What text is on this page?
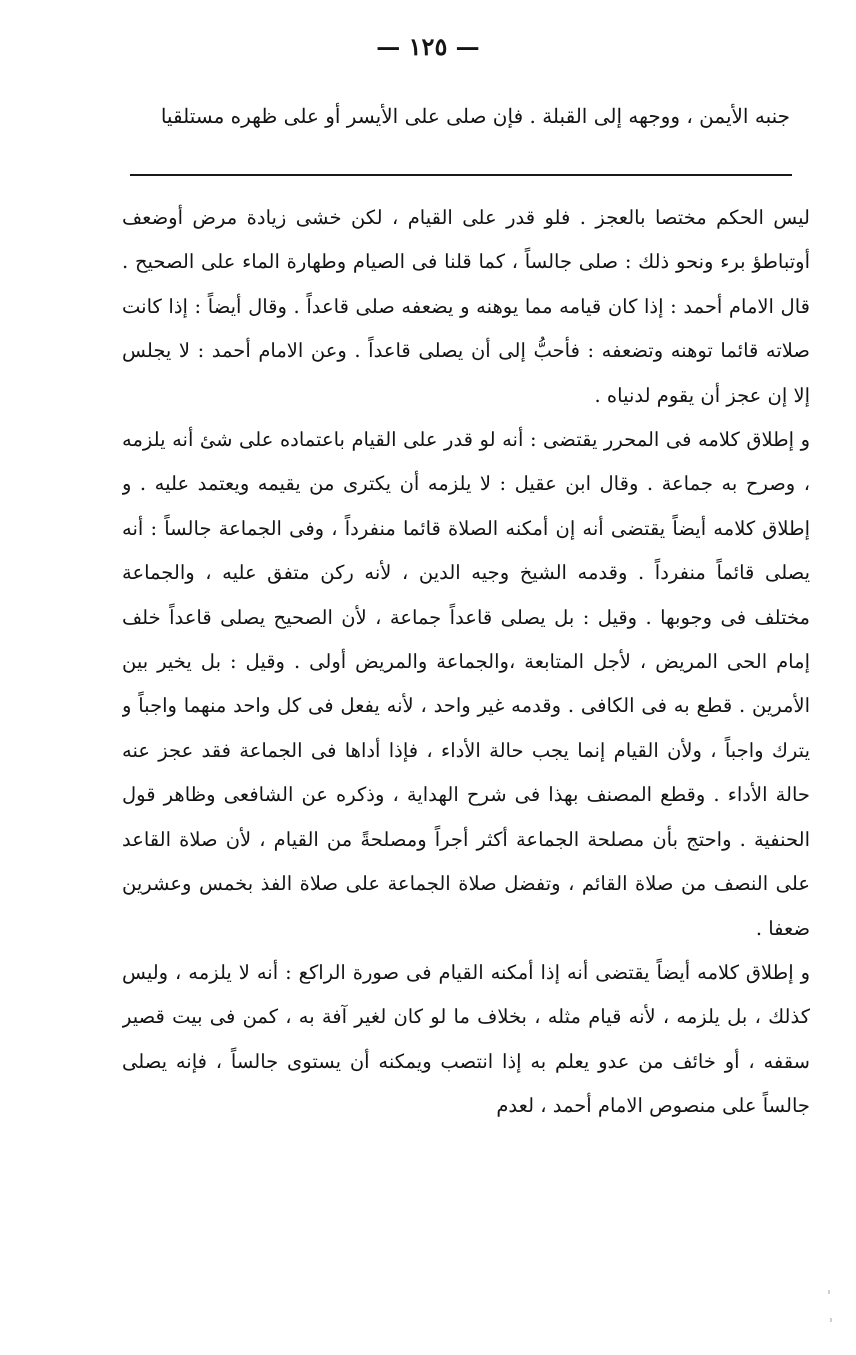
— ١٢٥ —
جنبه الأيمن ، ووجهه إلى القبلة . فإن صلى على الأيسر أو على ظهره مستلقيا

ليس الحكم مختصا بالعجز . فلو قدر على القيام ، لكن خشى زيادة مرض أوضعف أوتباطؤ برء ونحو ذلك : صلى جالساً ، كما قلنا فى الصيام وطهارة الماء على الصحيح . قال الامام أحمد : إذا كان قيامه مما يوهنه و يضعفه صلى قاعداً . وقال أيضاً : إذا كانت صلاته قائما توهنه وتضعفه : فأحبُّ إلى أن يصلى قاعداً . وعن الامام أحمد : لا يجلس إلا إن عجز أن يقوم لدنياه .

و إطلاق كلامه فى المحرر يقتضى : أنه لو قدر على القيام باعتماده على شئ أنه يلزمه ، وصرح به جماعة . وقال ابن عقيل : لا يلزمه أن يكترى من يقيمه ويعتمد عليه . و إطلاق كلامه أيضاً يقتضى أنه إن أمكنه الصلاة قائما منفرداً ، وفى الجماعة جالساً : أنه يصلى قائماً منفرداً . وقدمه الشيخ وجيه الدين ، لأنه ركن متفق عليه ، والجماعة مختلف فى وجوبها . وقيل : بل يصلى قاعداً جماعة ، لأن الصحيح يصلى قاعداً خلف إمام الحى المريض ، لأجل المتابعة ،والجماعة والمريض أولى . وقيل : بل يخير بين الأمرين . قطع به فى الكافى . وقدمه غير واحد ، لأنه يفعل فى كل واحد منهما واجباً و يترك واجباً ، ولأن القيام إنما يجب حالة الأداء ، فإذا أداها فى الجماعة فقد عجز عنه حالة الأداء . وقطع المصنف بهذا فى شرح الهداية ، وذكره عن الشافعى وظاهر قول الحنفية . واحتج بأن مصلحة الجماعة أكثر أجراً ومصلحةً من القيام ، لأن صلاة القاعد على النصف من صلاة القائم ، وتفضل صلاة الجماعة على صلاة الفذ بخمس وعشرين ضعفا .

و إطلاق كلامه أيضاً يقتضى أنه إذا أمكنه القيام فى صورة الراكع : أنه لا يلزمه ، وليس كذلك ، بل يلزمه ، لأنه قيام مثله ، بخلاف ما لو كان لغير آفة به ، كمن فى بيت قصير سقفه ، أو خائف من عدو يعلم به إذا انتصب ويمكنه أن يستوى جالساً ، فإنه يصلى جالساً على منصوص الامام أحمد ، لعدم
